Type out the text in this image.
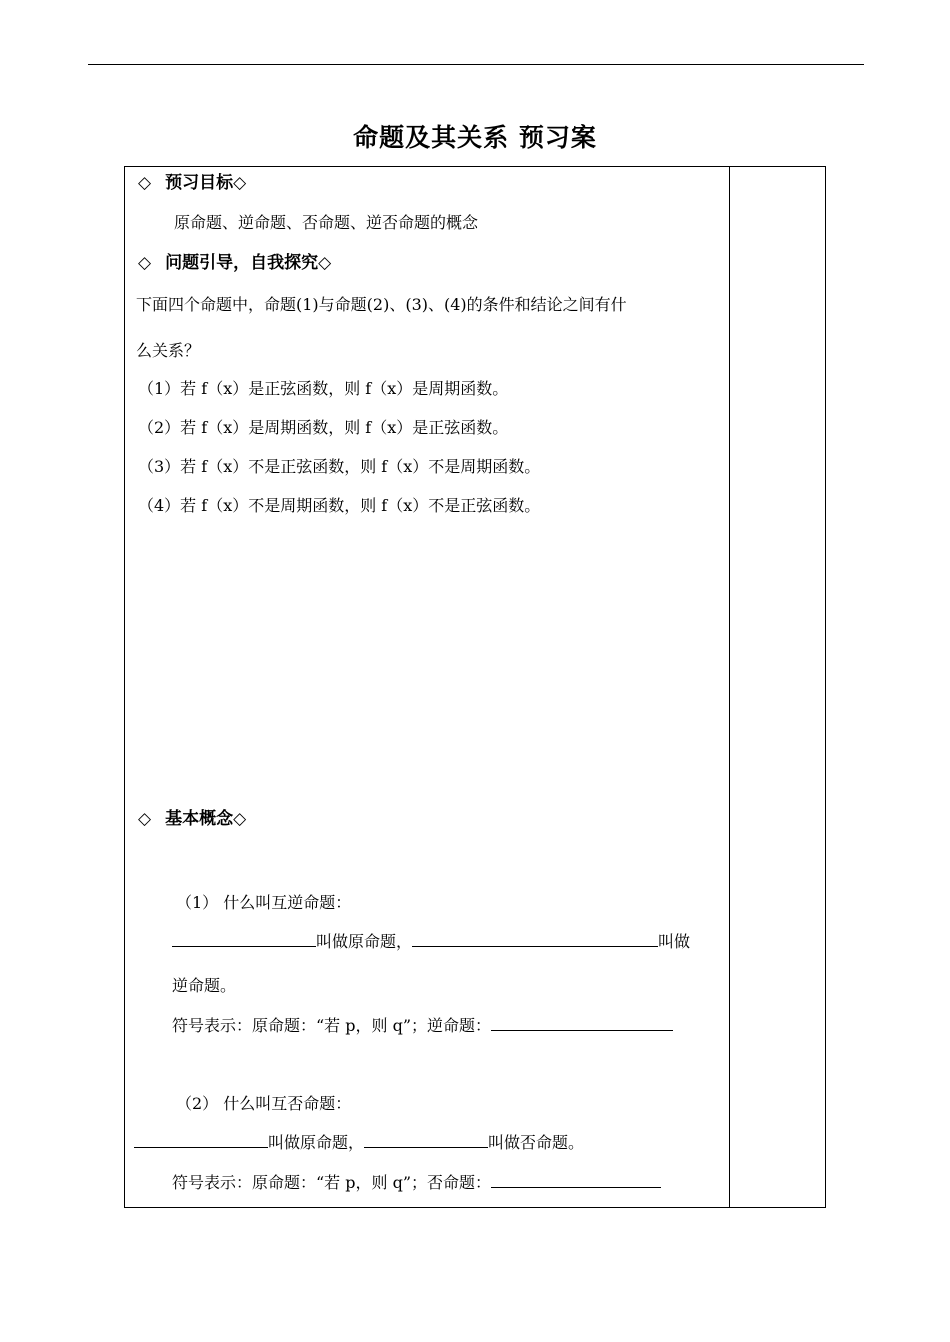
命题及其关系 预习案
◇ 预习目标◇
原命题、逆命题、否命题、逆否命题的概念
◇ 问题引导，自我探究◇
下面四个命题中，命题(1)与命题(2)、(3)、(4)的条件和结论之间有什
么关系？
（1）若 f（x）是正弦函数，则 f（x）是周期函数。
（2）若 f（x）是周期函数，则 f（x）是正弦函数。
（3）若 f（x）不是正弦函数，则 f（x）不是周期函数。
（4）若 f（x）不是周期函数，则 f（x）不是正弦函数。
◇ 基本概念◇
（1） 什么叫互逆命题：
叫做原命题，	叫做
逆命题。
符号表示：原命题：“若 p，则 q”；逆命题：
（2） 什么叫互否命题：
叫做原命题，	叫做否命题。
符号表示：原命题：“若 p，则 q”；否命题：
